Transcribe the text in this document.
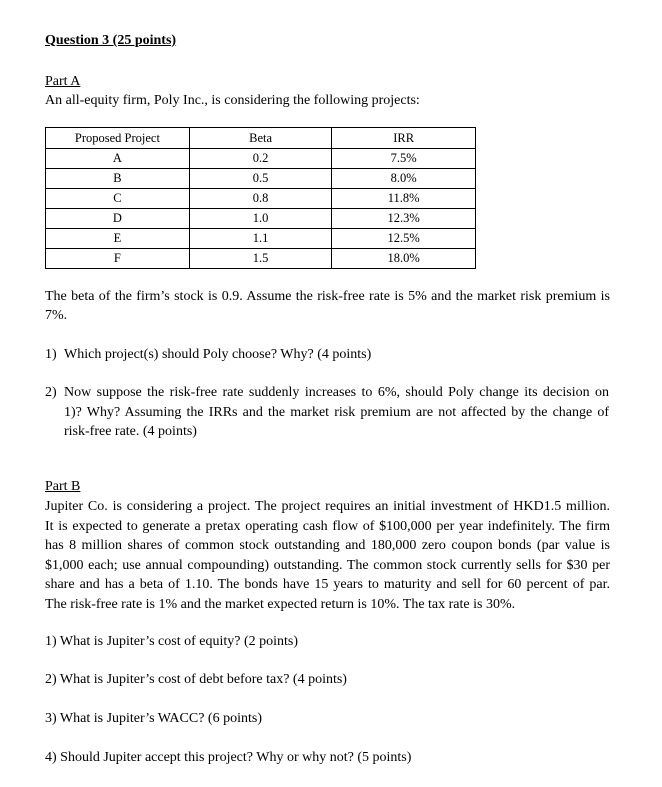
Question 3 (25 points)
Part A
An all-equity firm, Poly Inc., is considering the following projects:
Proposed Project	Beta	IRR
A	0.2	7.5%
B	0.5	8.0%
C	0.8	11.8%
D	1.0	12.3%
E	1.1	12.5%
F	1.5	18.0%
The beta of the firm’s stock is 0.9. Assume the risk-free rate is 5% and the market risk premium is
7%.
1) Which project(s) should Poly choose? Why? (4 points)
2) Now suppose the risk-free rate suddenly increases to 6%, should Poly change its decision on
1)? Why? Assuming the IRRs and the market risk premium are not affected by the change of
risk-free rate. (4 points)
Part B
Jupiter Co. is considering a project. The project requires an initial investment of HKD1.5 million.
It is expected to generate a pretax operating cash flow of $100,000 per year indefinitely. The firm
has 8 million shares of common stock outstanding and 180,000 zero coupon bonds (par value is
$1,000 each; use annual compounding) outstanding. The common stock currently sells for $30 per
share and has a beta of 1.10. The bonds have 15 years to maturity and sell for 60 percent of par.
The risk-free rate is 1% and the market expected return is 10%. The tax rate is 30%.
1) What is Jupiter’s cost of equity? (2 points)
2) What is Jupiter’s cost of debt before tax? (4 points)
3) What is Jupiter’s WACC? (6 points)
4) Should Jupiter accept this project? Why or why not? (5 points)
